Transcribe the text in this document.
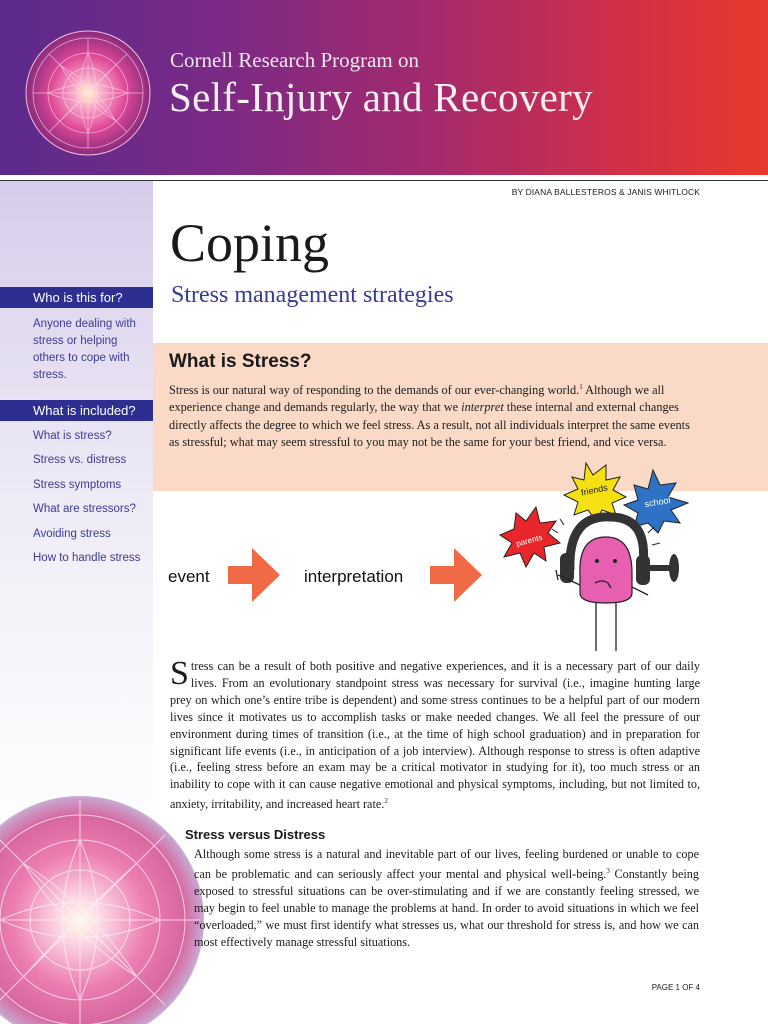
Cornell Research Program on
Self-Injury and Recovery
Who is this for?
Anyone dealing with stress or helping others to cope with stress.
What is included?
What is stress?
Stress vs. distress
Stress symptoms
What are stressors?
Avoiding stress
How to handle stress
BY DIANA BALLESTEROS & JANIS WHITLOCK
Coping
Stress management strategies
What is Stress?

Stress is our natural way of responding to the demands of our ever-changing world.$^1$ Although we all experience change and demands regularly, the way that we interpret these internal and external changes directly affects the degree to which we feel stress. As a result, not all individuals interpret the same events as stressful; what may seem stressful to you may not be the same for your best friend, and vice versa.

event	interpretation
friends
school
parents
Stress can be a result of both positive and negative experiences, and it is a necessary part of our daily lives. From an evolutionary standpoint stress was necessary for survival (i.e., imagine hunting large prey on which one’s entire tribe is dependent) and some stress continues to be a helpful part of our modern lives since it motivates us to accomplish tasks or make needed changes. We all feel the pressure of our environment during times of transition (i.e., at the time of high school graduation) and in preparation for significant life events (i.e., in anticipation of a job interview). Although response to stress is often adaptive (i.e., feeling stress before an exam may be a critical motivator in studying for it), too much stress or an inability to cope with it can cause negative emotional and physical symptoms, including, but not limited to, anxiety, irritability, and increased heart rate.$^2$
Stress versus Distress
Although some stress is a natural and inevitable part of our lives, feeling burdened or unable to cope can be problematic and can seriously affect your mental and physical well-being.$^3$ Constantly being exposed to stressful situations can be over-stimulating and if we are constantly feeling stressed, we may begin to feel unable to manage the problems at hand. In order to avoid situations in which we feel “overloaded,” we must first identify what stresses us, what our threshold for stress is, and how we can most effectively manage stressful situations.
PAGE 1 OF 4
